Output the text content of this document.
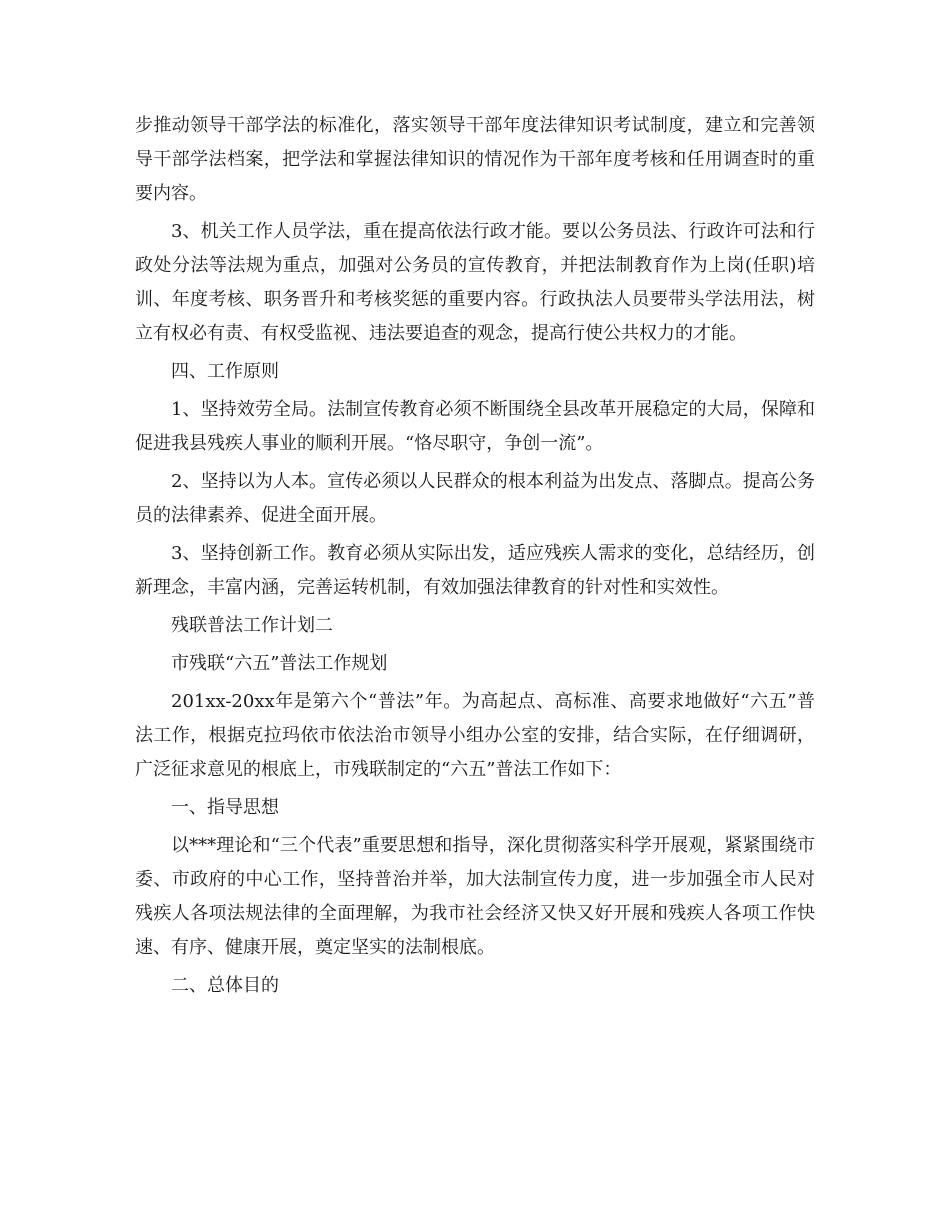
步推动领导干部学法的标准化，落实领导干部年度法律知识考试制度，建立和完善领导干部学法档案，把学法和掌握法律知识的情况作为干部年度考核和任用调查时的重要内容。

3、机关工作人员学法，重在提高依法行政才能。要以公务员法、行政许可法和行政处分法等法规为重点，加强对公务员的宣传教育，并把法制教育作为上岗(任职)培训、年度考核、职务晋升和考核奖惩的重要内容。行政执法人员要带头学法用法，树立有权必有责、有权受监视、违法要追查的观念，提高行使公共权力的才能。

四、工作原则

1、坚持效劳全局。法制宣传教育必须不断围绕全县改革开展稳定的大局，保障和促进我县残疾人事业的顺利开展。“恪尽职守，争创一流”。

2、坚持以为人本。宣传必须以人民群众的根本利益为出发点、落脚点。提高公务员的法律素养、促进全面开展。

3、坚持创新工作。教育必须从实际出发，适应残疾人需求的变化，总结经历，创新理念，丰富内涵，完善运转机制，有效加强法律教育的针对性和实效性。

残联普法工作计划二

市残联“六五”普法工作规划

201xx-20xx年是第六个“普法”年。为高起点、高标准、高要求地做好“六五”普法工作，根据克拉玛依市依法治市领导小组办公室的安排，结合实际，在仔细调研，广泛征求意见的根底上，市残联制定的“六五”普法工作如下：

一、指导思想

以***理论和“三个代表”重要思想和指导，深化贯彻落实科学开展观，紧紧围绕市委、市政府的中心工作，坚持普治并举，加大法制宣传力度，进一步加强全市人民对残疾人各项法规法律的全面理解，为我市社会经济又快又好开展和残疾人各项工作快速、有序、健康开展，奠定坚实的法制根底。

二、总体目的
